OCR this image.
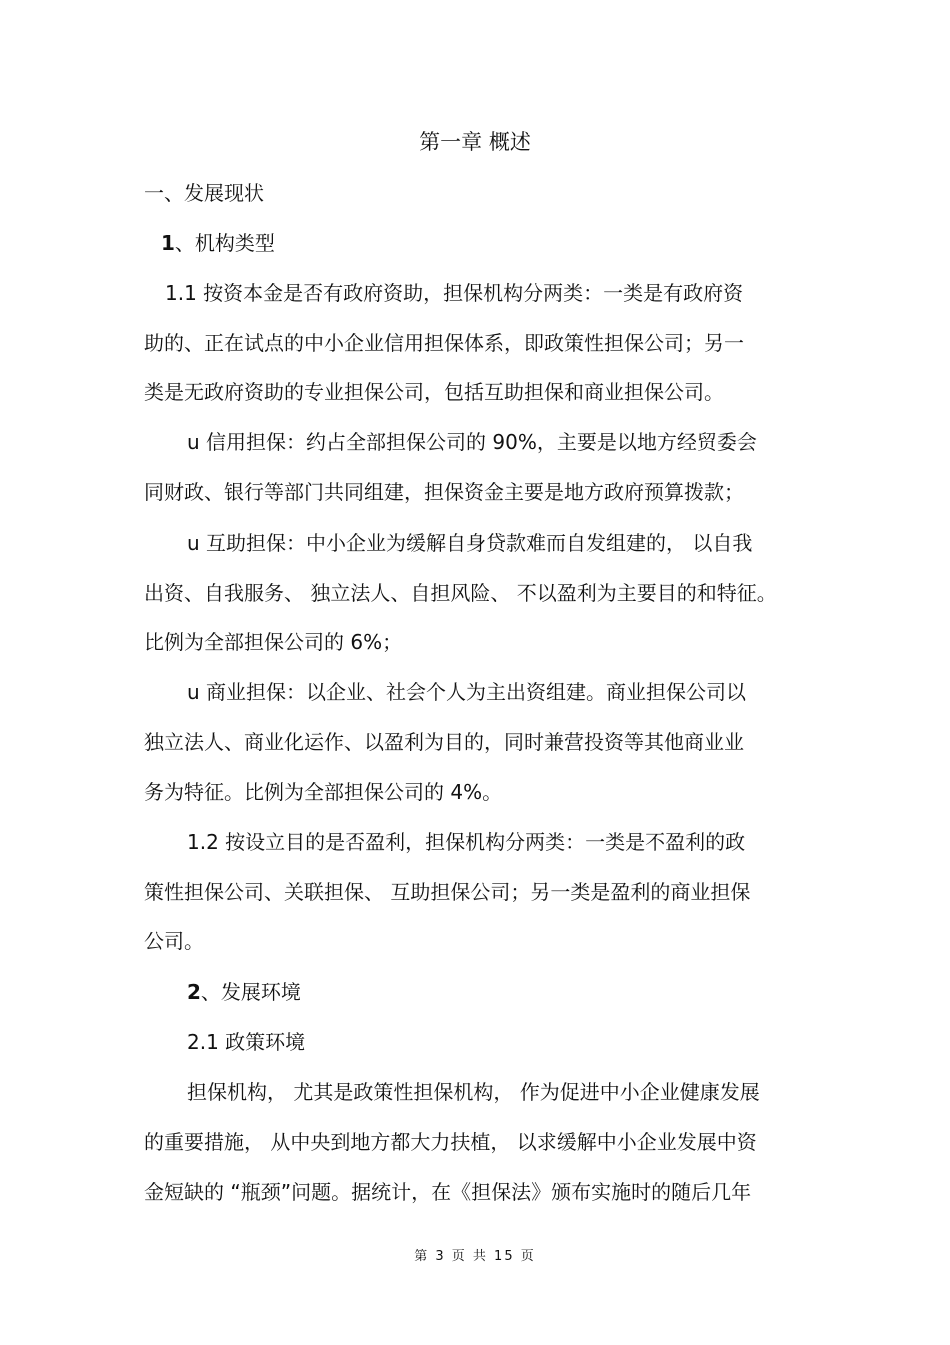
第一章 概述
一、发展现状
1、机构类型
1.1 按资本金是否有政府资助，担保机构分两类：一类是有政府资
助的、正在试点的中小企业信用担保体系，即政策性担保公司；另一
类是无政府资助的专业担保公司，包括互助担保和商业担保公司。
u 信用担保：约占全部担保公司的 90%，主要是以地方经贸委会
同财政、银行等部门共同组建，担保资金主要是地方政府预算拨款；
u 互助担保：中小企业为缓解自身贷款难而自发组建的， 以自我
出资、自我服务、 独立法人、自担风险、 不以盈利为主要目的和特征。
比例为全部担保公司的 6%；
u 商业担保：以企业、社会个人为主出资组建。商业担保公司以
独立法人、商业化运作、以盈利为目的，同时兼营投资等其他商业业
务为特征。比例为全部担保公司的 4%。
1.2 按设立目的是否盈利，担保机构分两类：一类是不盈利的政
策性担保公司、关联担保、 互助担保公司；另一类是盈利的商业担保
公司。
2、发展环境
2.1 政策环境
担保机构， 尤其是政策性担保机构， 作为促进中小企业健康发展
的重要措施， 从中央到地方都大力扶植， 以求缓解中小企业发展中资
金短缺的 “瓶颈”问题。据统计，在《担保法》颁布实施时的随后几年
第 3 页 共 15 页
